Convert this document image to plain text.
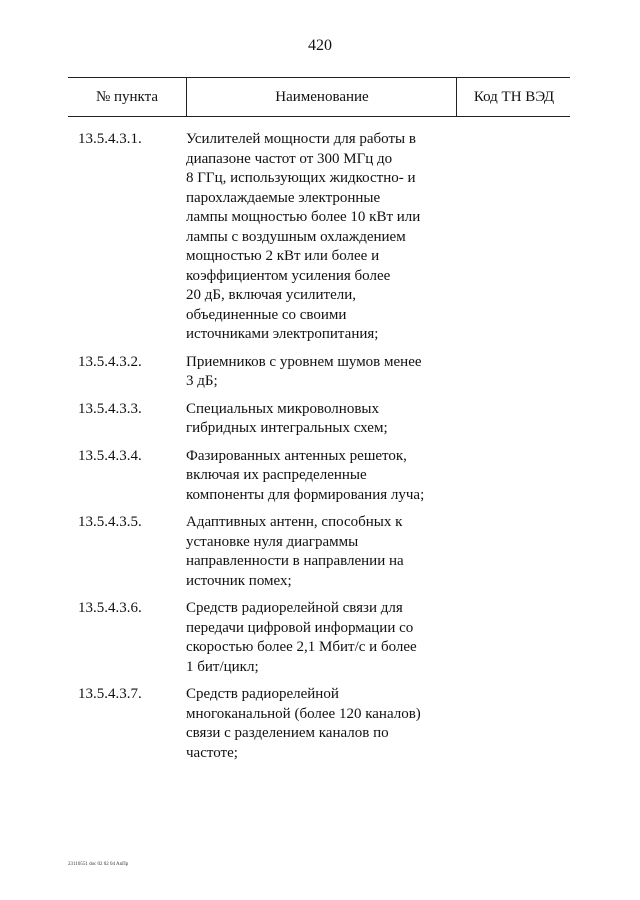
420
№ пункта	Наименование	Код ТН ВЭД
13.5.4.3.1.	Усилителей мощности для работы в
диапазоне частот от 300 МГц до
8 ГГц, использующих жидкостно- и
парохлаждаемые электронные
лампы мощностью более 10 кВт или
лампы с воздушным охлаждением
мощностью 2 кВт или более и
коэффициентом усиления более
20 дБ, включая усилители,
объединенные со своими
источниками электропитания;
13.5.4.3.2.	Приемников с уровнем шумов менее
3 дБ;
13.5.4.3.3.	Специальных микроволновых
гибридных интегральных схем;
13.5.4.3.4.	Фазированных антенных решеток,
включая их распределенные
компоненты для формирования луча;
13.5.4.3.5.	Адаптивных антенн, способных к
установке нуля диаграммы
направленности в направлении на
источник помех;
13.5.4.3.6.	Средств радиорелейной связи для
передачи цифровой информации со
скоростью более 2,1 Мбит/с и более
1 бит/цикл;
13.5.4.3.7.	Средств радиорелейной
многоканальной (более 120 каналов)
связи с разделением каналов по
частоте;
23110551 doc 02 02 04 AnПр
